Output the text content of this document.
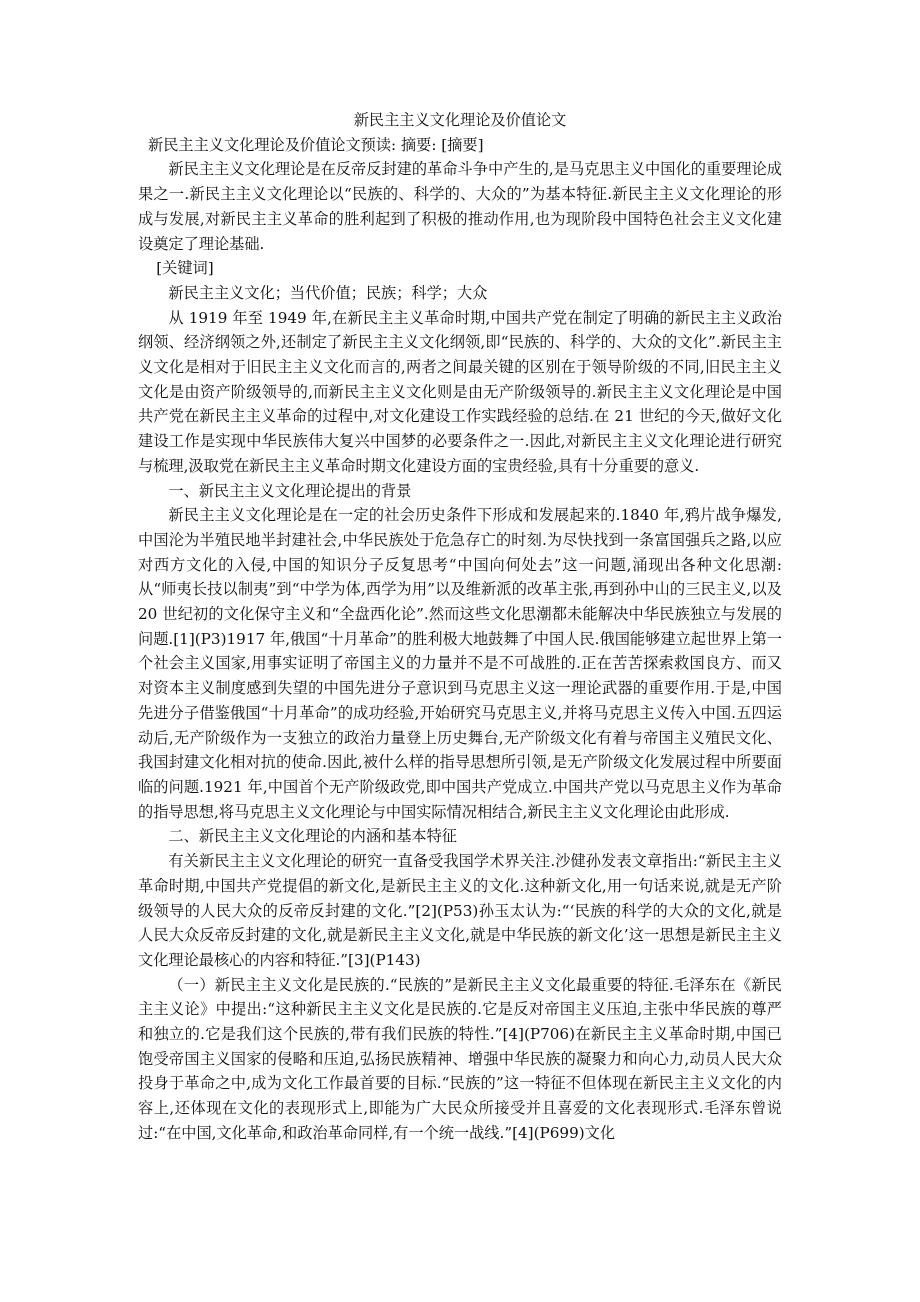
新民主主义文化理论及价值论文

新民主主义文化理论及价值论文预读: 摘要: [摘要]

新民主主义文化理论是在反帝反封建的革命斗争中产生的,是马克思主义中国化的重要理论成果之一.新民主主义文化理论以“民族的、科学的、大众的”为基本特征.新民主主义文化理论的形成与发展,对新民主主义革命的胜利起到了积极的推动作用,也为现阶段中国特色社会主义文化建设奠定了理论基础.

[关键词]

新民主主义文化；当代价值；民族；科学；大众

从 1919 年至 1949 年,在新民主主义革命时期,中国共产党在制定了明确的新民主主义政治纲领、经济纲领之外,还制定了新民主主义文化纲领,即“民族的、科学的、大众的文化”.新民主主义文化是相对于旧民主主义文化而言的,两者之间最关键的区别在于领导阶级的不同,旧民主主义文化是由资产阶级领导的,而新民主主义文化则是由无产阶级领导的.新民主主义文化理论是中国共产党在新民主主义革命的过程中,对文化建设工作实践经验的总结.在 21 世纪的今天,做好文化建设工作是实现中华民族伟大复兴中国梦的必要条件之一.因此,对新民主主义文化理论进行研究与梳理,汲取党在新民主主义革命时期文化建设方面的宝贵经验,具有十分重要的意义.

一、新民主主义文化理论提出的背景

新民主主义文化理论是在一定的社会历史条件下形成和发展起来的.1840 年,鸦片战争爆发,中国沦为半殖民地半封建社会,中华民族处于危急存亡的时刻.为尽快找到一条富国强兵之路,以应对西方文化的入侵,中国的知识分子反复思考“中国向何处去”这一问题,涌现出各种文化思潮:从“师夷长技以制夷”到“中学为体,西学为用”以及维新派的改革主张,再到孙中山的三民主义,以及 20 世纪初的文化保守主义和“全盘西化论”.然而这些文化思潮都未能解决中华民族独立与发展的问题.[1](P3)1917 年,俄国“十月革命”的胜利极大地鼓舞了中国人民.俄国能够建立起世界上第一个社会主义国家,用事实证明了帝国主义的力量并不是不可战胜的.正在苦苦探索救国良方、而又对资本主义制度感到失望的中国先进分子意识到马克思主义这一理论武器的重要作用.于是,中国先进分子借鉴俄国“十月革命”的成功经验,开始研究马克思主义,并将马克思主义传入中国.五四运动后,无产阶级作为一支独立的政治力量登上历史舞台,无产阶级文化有着与帝国主义殖民文化、我国封建文化相对抗的使命.因此,被什么样的指导思想所引领,是无产阶级文化发展过程中所要面临的问题.1921 年,中国首个无产阶级政党,即中国共产党成立.中国共产党以马克思主义作为革命的指导思想,将马克思主义文化理论与中国实际情况相结合,新民主主义文化理论由此形成.

二、新民主主义文化理论的内涵和基本特征

有关新民主主义文化理论的研究一直备受我国学术界关注.沙健孙发表文章指出:“新民主主义革命时期,中国共产党提倡的新文化,是新民主主义的文化.这种新文化,用一句话来说,就是无产阶级领导的人民大众的反帝反封建的文化.”[2](P53)孙玉太认为:“‘民族的科学的大众的文化,就是人民大众反帝反封建的文化,就是新民主主义文化,就是中华民族的新文化’这一思想是新民主主义文化理论最核心的内容和特征.”[3](P143)

（一）新民主主义文化是民族的.“民族的”是新民主主义文化最重要的特征.毛泽东在《新民主主义论》中提出:“这种新民主主义文化是民族的.它是反对帝国主义压迫,主张中华民族的尊严和独立的.它是我们这个民族的,带有我们民族的特性.”[4](P706)在新民主主义革命时期,中国已饱受帝国主义国家的侵略和压迫,弘扬民族精神、增强中华民族的凝聚力和向心力,动员人民大众投身于革命之中,成为文化工作最首要的目标.“民族的”这一特征不但体现在新民主主义文化的内容上,还体现在文化的表现形式上,即能为广大民众所接受并且喜爱的文化表现形式.毛泽东曾说过:“在中国,文化革命,和政治革命同样,有一个统一战线.”[4](P699)文化
